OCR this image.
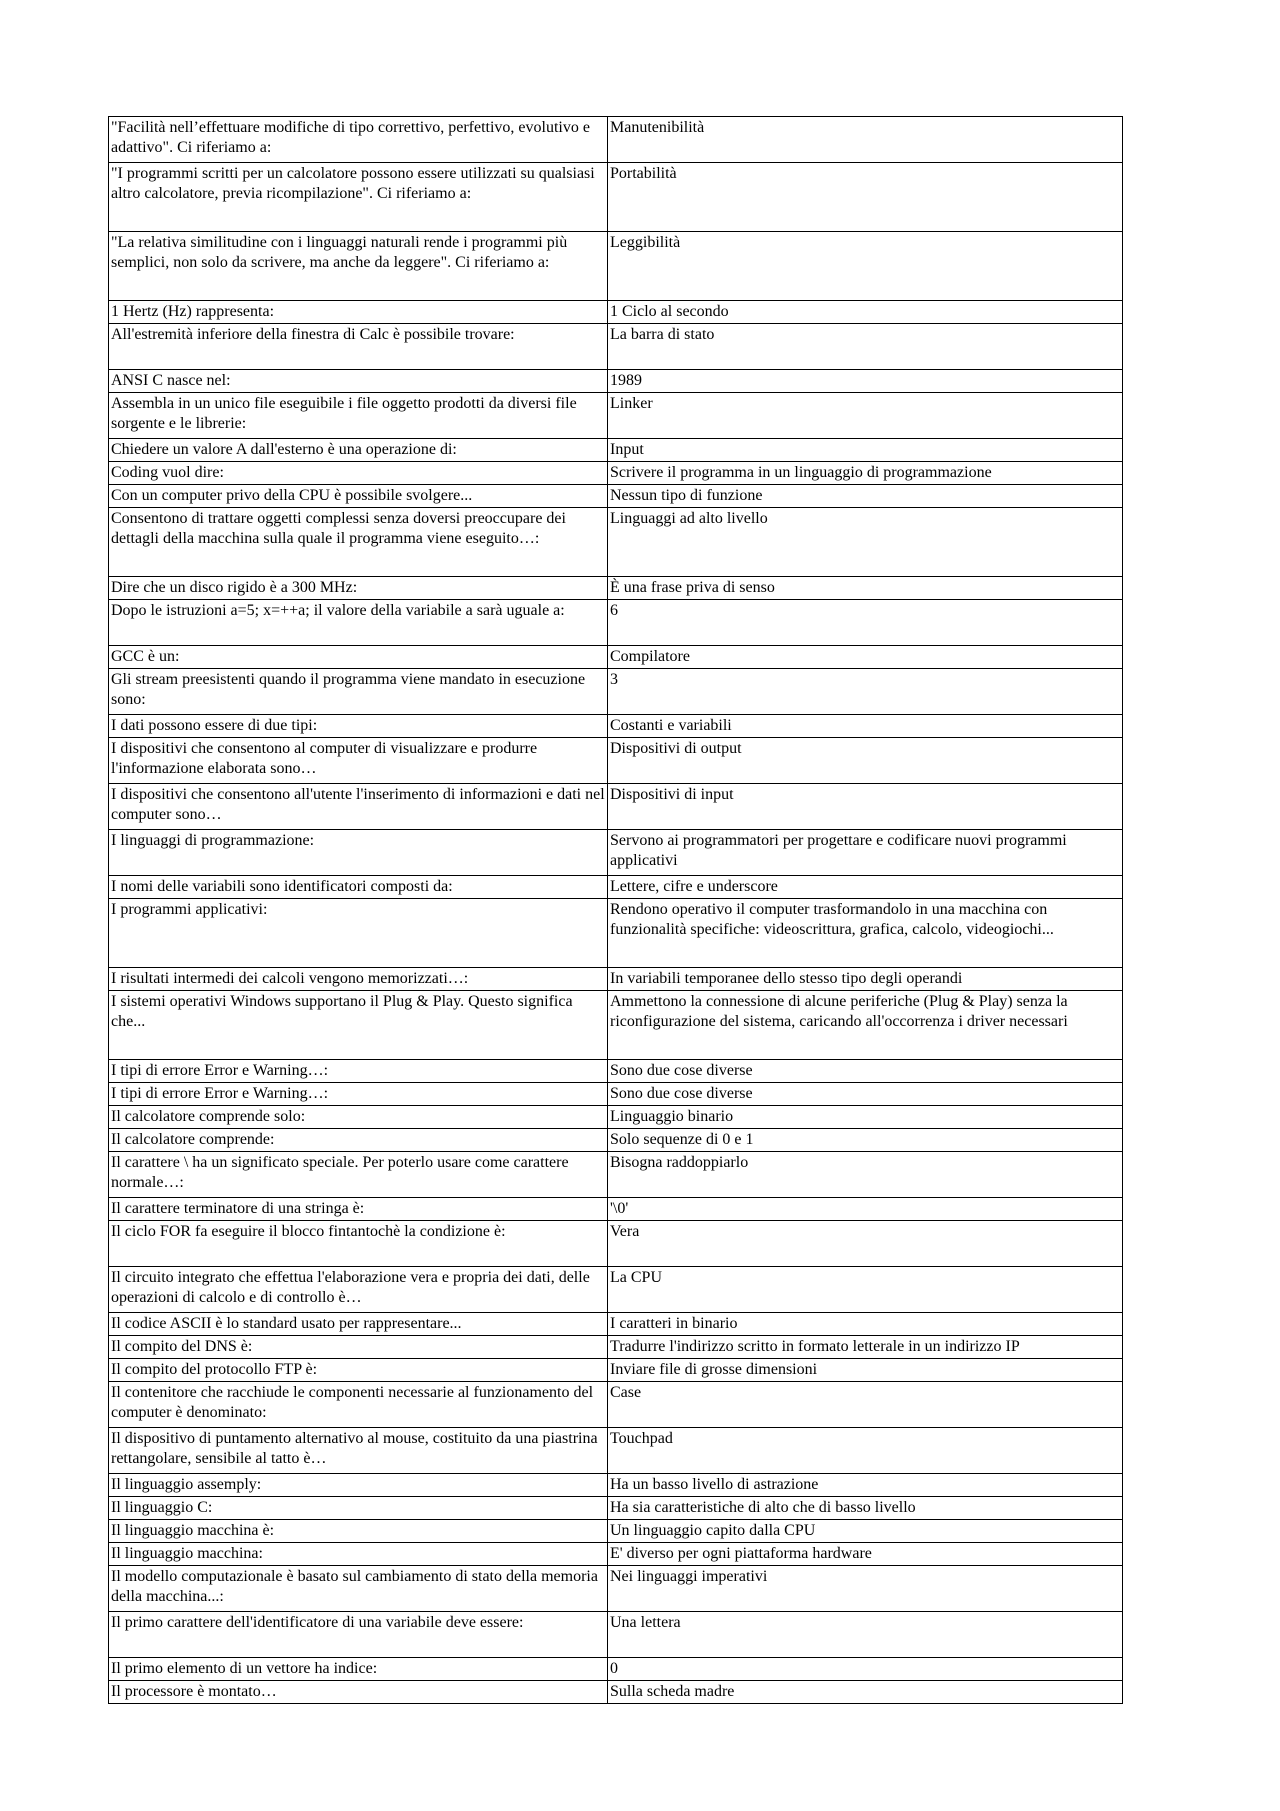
"Facilità nell’effettuare modifiche di tipo correttivo, perfettivo, evolutivo e adattivo". Ci riferiamo a:	Manutenibilità
"I programmi scritti per un calcolatore possono essere utilizzati su qualsiasi altro calcolatore, previa ricompilazione". Ci riferiamo a:	Portabilità
"La relativa similitudine con i linguaggi naturali rende i programmi più semplici, non solo da scrivere, ma anche da leggere". Ci riferiamo a:	Leggibilità
1 Hertz (Hz) rappresenta:	1 Ciclo al secondo
All'estremità inferiore della finestra di Calc è possibile trovare:	La barra di stato
ANSI C nasce nel:	1989
Assembla in un unico file eseguibile i file oggetto prodotti da diversi file sorgente e le librerie:	Linker
Chiedere un valore A dall'esterno è una operazione di:	Input
Coding vuol dire:	Scrivere il programma in un linguaggio di programmazione
Con un computer privo della CPU è possibile svolgere...	Nessun tipo di funzione
Consentono di trattare oggetti complessi senza doversi preoccupare dei dettagli della macchina sulla quale il programma viene eseguito…:	Linguaggi ad alto livello
Dire che un disco rigido è a 300 MHz:	È una frase priva di senso
Dopo le istruzioni a=5; x=++a; il valore della variabile a sarà uguale a:	6
GCC è un:	Compilatore
Gli stream preesistenti quando il programma viene mandato in esecuzione sono:	3
I dati possono essere di due tipi:	Costanti e variabili
I dispositivi che consentono al computer di visualizzare e produrre l'informazione elaborata sono…	Dispositivi di output
I dispositivi che consentono all'utente l'inserimento di informazioni e dati nel computer sono…	Dispositivi di input
I linguaggi di programmazione:	Servono ai programmatori per progettare e codificare nuovi programmi applicativi
I nomi delle variabili sono identificatori composti da:	Lettere, cifre e underscore
I programmi applicativi:	Rendono operativo il computer trasformandolo in una macchina con funzionalità specifiche: videoscrittura, grafica, calcolo, videogiochi...
I risultati intermedi dei calcoli vengono memorizzati…:	In variabili temporanee dello stesso tipo degli operandi
I sistemi operativi Windows supportano il Plug & Play. Questo significa che...	Ammettono la connessione di alcune periferiche (Plug & Play) senza la riconfigurazione del sistema, caricando all'occorrenza i driver necessari
I tipi di errore Error e Warning…:	Sono due cose diverse
I tipi di errore Error e Warning…:	Sono due cose diverse
Il calcolatore comprende solo:	Linguaggio binario
Il calcolatore comprende:	Solo sequenze di 0 e 1
Il carattere \ ha un significato speciale. Per poterlo usare come carattere normale…:	Bisogna raddoppiarlo
Il carattere terminatore di una stringa è:	'\0'
Il ciclo FOR fa eseguire il blocco fintantochè la condizione è:	Vera
Il circuito integrato che effettua l'elaborazione vera e propria dei dati, delle operazioni di calcolo e di controllo è…	La CPU
Il codice ASCII è lo standard usato per rappresentare...	I caratteri in binario
Il compito del DNS è:	Tradurre l'indirizzo scritto in formato letterale in un indirizzo IP
Il compito del protocollo FTP è:	Inviare file di grosse dimensioni
Il contenitore che racchiude le componenti necessarie al funzionamento del computer è denominato:	Case
Il dispositivo di puntamento alternativo al mouse, costituito da una piastrina rettangolare, sensibile al tatto è…	Touchpad
Il linguaggio assemply:	Ha un basso livello di astrazione
Il linguaggio C:	Ha sia caratteristiche di alto che di basso livello
Il linguaggio macchina è:	Un linguaggio capito dalla CPU
Il linguaggio macchina:	E' diverso per ogni piattaforma hardware
Il modello computazionale è basato sul cambiamento di stato della memoria della macchina...:	Nei linguaggi imperativi
Il primo carattere dell'identificatore di una variabile deve essere:	Una lettera
Il primo elemento di un vettore ha indice:	0
Il processore è montato…	Sulla scheda madre
